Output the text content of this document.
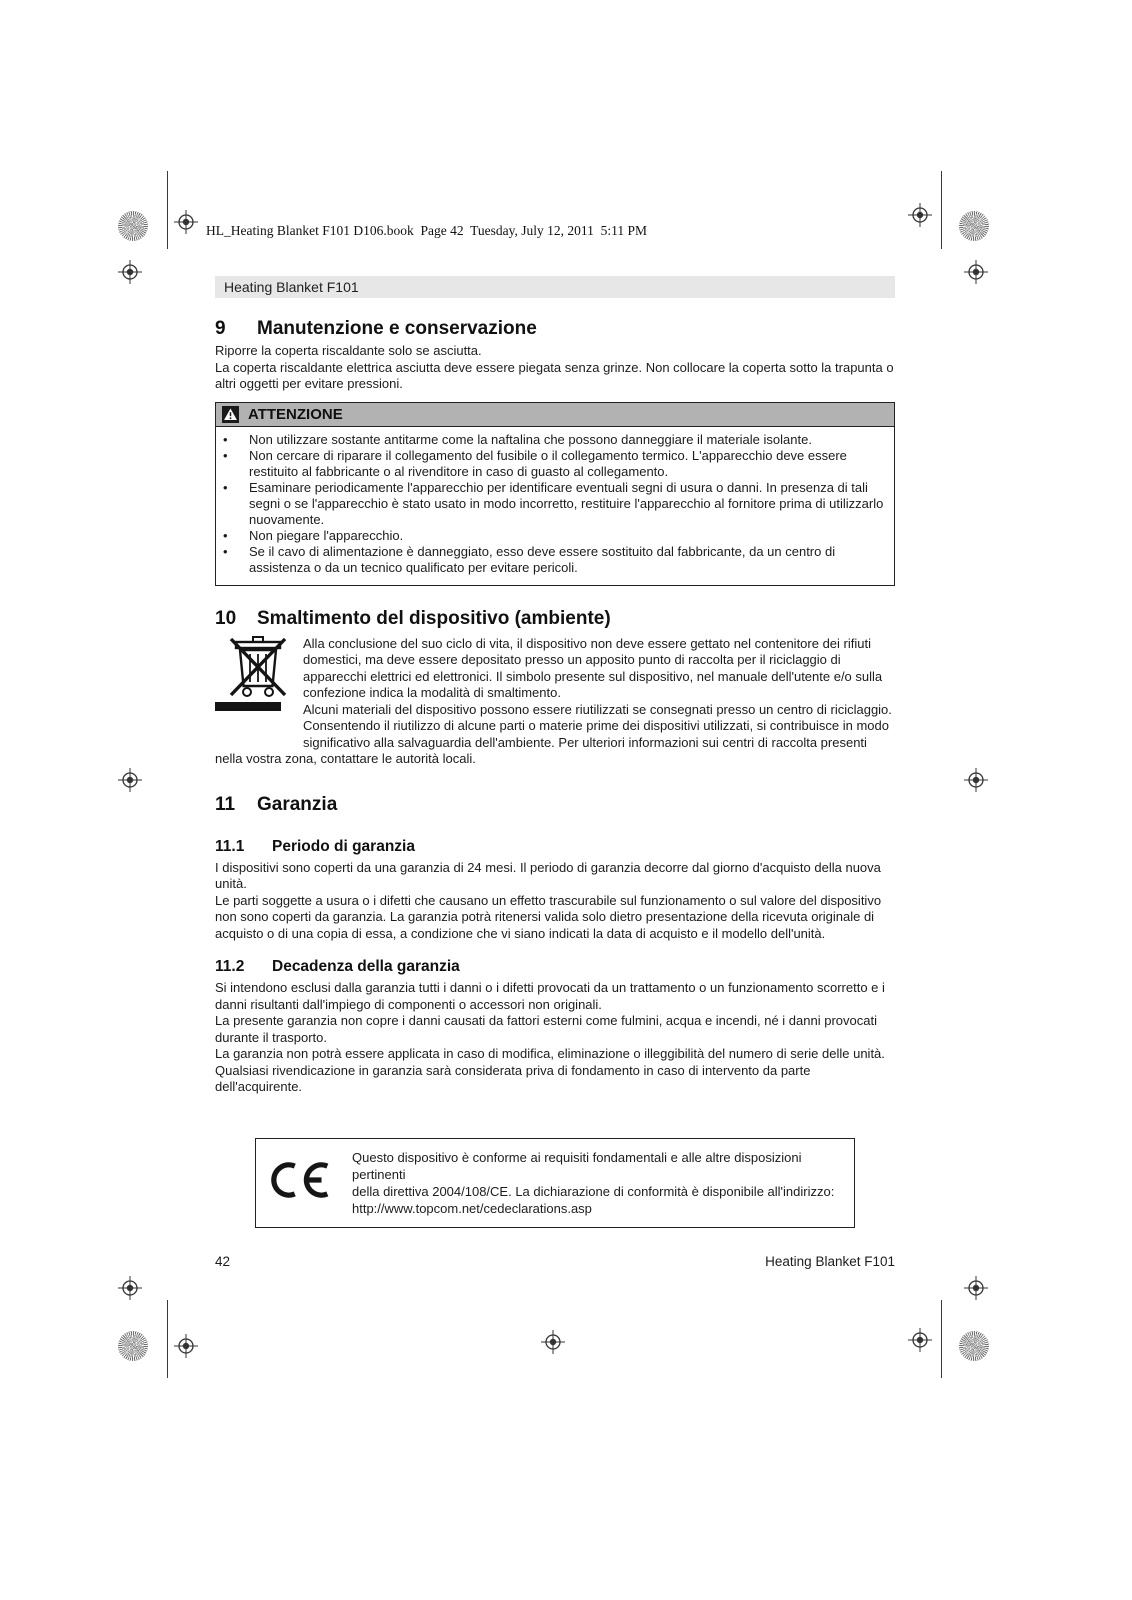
HL_Heating Blanket F101 D106.book  Page 42  Tuesday, July 12, 2011  5:11 PM
Heating Blanket F101
9	Manutenzione e conservazione

Riporre la coperta riscaldante solo se asciutta.

La coperta riscaldante elettrica asciutta deve essere piegata senza grinze. Non collocare la coperta sotto la trapunta o altri oggetti per evitare pressioni.

ATTENZIONE
• Non utilizzare sostante antitarme come la naftalina che possono danneggiare il materiale isolante.
• Non cercare di riparare il collegamento del fusibile o il collegamento termico. L'apparecchio deve essere restituito al fabbricante o al rivenditore in caso di guasto al collegamento.
• Esaminare periodicamente l'apparecchio per identificare eventuali segni di usura o danni. In presenza di tali segni o se l'apparecchio è stato usato in modo incorretto, restituire l'apparecchio al fornitore prima di utilizzarlo nuovamente.
• Non piegare l'apparecchio.
• Se il cavo di alimentazione è danneggiato, esso deve essere sostituito dal fabbricante, da un centro di assistenza o da un tecnico qualificato per evitare pericoli.
10	Smaltimento del dispositivo (ambiente)

Alla conclusione del suo ciclo di vita, il dispositivo non deve essere gettato nel contenitore dei rifiuti domestici, ma deve essere depositato presso un apposito punto di raccolta per il riciclaggio di apparecchi elettrici ed elettronici. Il simbolo presente sul dispositivo, nel manuale dell'utente e/o sulla confezione indica la modalità di smaltimento.

Alcuni materiali del dispositivo possono essere riutilizzati se consegnati presso un centro di riciclaggio. Consentendo il riutilizzo di alcune parti o materie prime dei dispositivi utilizzati, si contribuisce in modo significativo alla salvaguardia dell'ambiente. Per ulteriori informazioni sui centri di raccolta presenti nella vostra zona, contattare le autorità locali.

11	Garanzia
11.1	Periodo di garanzia

I dispositivi sono coperti da una garanzia di 24 mesi. Il periodo di garanzia decorre dal giorno d'acquisto della nuova unità.

Le parti soggette a usura o i difetti che causano un effetto trascurabile sul funzionamento o sul valore del dispositivo non sono coperti da garanzia. La garanzia potrà ritenersi valida solo dietro presentazione della ricevuta originale di acquisto o di una copia di essa, a condizione che vi siano indicati la data di acquisto e il modello dell'unità.

11.2	Decadenza della garanzia

Si intendono esclusi dalla garanzia tutti i danni o i difetti provocati da un trattamento o un funzionamento scorretto e i danni risultanti dall'impiego di componenti o accessori non originali.

La presente garanzia non copre i danni causati da fattori esterni come fulmini, acqua e incendi, né i danni provocati durante il trasporto.

La garanzia non potrà essere applicata in caso di modifica, eliminazione o illeggibilità del numero di serie delle unità. Qualsiasi rivendicazione in garanzia sarà considerata priva di fondamento in caso di intervento da parte dell'acquirente.

Questo dispositivo è conforme ai requisiti fondamentali e alle altre disposizioni pertinenti
della direttiva 2004/108/CE. La dichiarazione di conformità è disponibile all'indirizzo:
http://www.topcom.net/cedeclarations.asp
42	Heating Blanket F101
